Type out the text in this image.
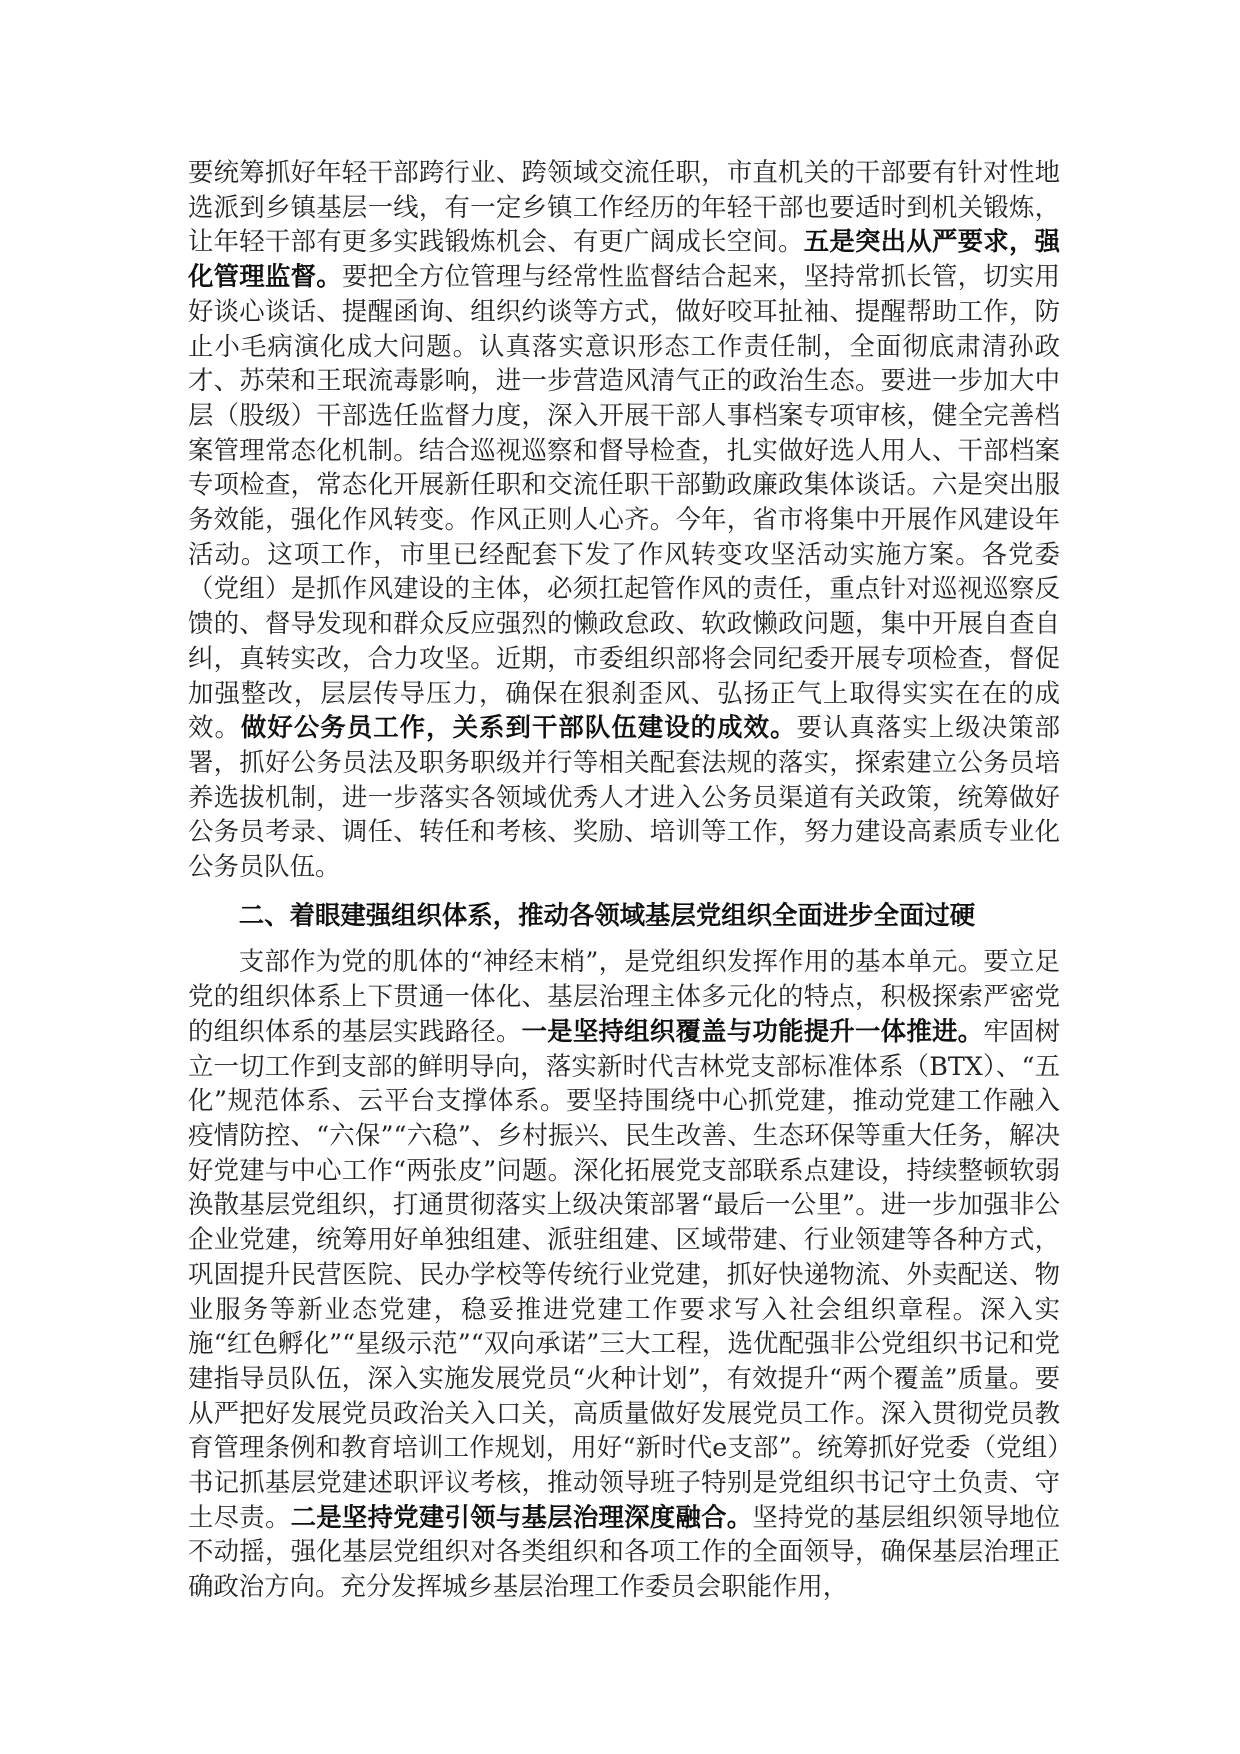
要统筹抓好年轻干部跨行业、跨领域交流任职，市直机关的干部要有针对性地选派到乡镇基层一线，有一定乡镇工作经历的年轻干部也要适时到机关锻炼，让年轻干部有更多实践锻炼机会、有更广阔成长空间。五是突出从严要求，强化管理监督。要把全方位管理与经常性监督结合起来，坚持常抓长管，切实用好谈心谈话、提醒函询、组织约谈等方式，做好咬耳扯袖、提醒帮助工作，防止小毛病演化成大问题。认真落实意识形态工作责任制，全面彻底肃清孙政才、苏荣和王珉流毒影响，进一步营造风清气正的政治生态。要进一步加大中层（股级）干部选任监督力度，深入开展干部人事档案专项审核，健全完善档案管理常态化机制。结合巡视巡察和督导检查，扎实做好选人用人、干部档案专项检查，常态化开展新任职和交流任职干部勤政廉政集体谈话。六是突出服务效能，强化作风转变。作风正则人心齐。今年，省市将集中开展作风建设年活动。这项工作，市里已经配套下发了作风转变攻坚活动实施方案。各党委（党组）是抓作风建设的主体，必须扛起管作风的责任，重点针对巡视巡察反馈的、督导发现和群众反应强烈的懒政怠政、软政懒政问题，集中开展自查自纠，真转实改，合力攻坚。近期，市委组织部将会同纪委开展专项检查，督促加强整改，层层传导压力，确保在狠刹歪风、弘扬正气上取得实实在在的成效。做好公务员工作，关系到干部队伍建设的成效。要认真落实上级决策部署，抓好公务员法及职务职级并行等相关配套法规的落实，探索建立公务员培养选拔机制，进一步落实各领域优秀人才进入公务员渠道有关政策，统筹做好公务员考录、调任、转任和考核、奖励、培训等工作，努力建设高素质专业化公务员队伍。

二、着眼建强组织体系，推动各领域基层党组织全面进步全面过硬

支部作为党的肌体的“神经末梢”，是党组织发挥作用的基本单元。要立足党的组织体系上下贯通一体化、基层治理主体多元化的特点，积极探索严密党的组织体系的基层实践路径。一是坚持组织覆盖与功能提升一体推进。牢固树立一切工作到支部的鲜明导向，落实新时代吉林党支部标准体系（BTX）、“五化”规范体系、云平台支撑体系。要坚持围绕中心抓党建，推动党建工作融入疫情防控、“六保”“六稳”、乡村振兴、民生改善、生态环保等重大任务，解决好党建与中心工作“两张皮”问题。深化拓展党支部联系点建设，持续整顿软弱涣散基层党组织，打通贯彻落实上级决策部署“最后一公里”。进一步加强非公企业党建，统筹用好单独组建、派驻组建、区域带建、行业领建等各种方式，巩固提升民营医院、民办学校等传统行业党建，抓好快递物流、外卖配送、物业服务等新业态党建，稳妥推进党建工作要求写入社会组织章程。深入实施“红色孵化”“星级示范”“双向承诺”三大工程，选优配强非公党组织书记和党建指导员队伍，深入实施发展党员“火种计划”，有效提升“两个覆盖”质量。要从严把好发展党员政治关入口关，高质量做好发展党员工作。深入贯彻党员教育管理条例和教育培训工作规划，用好“新时代e支部”。统筹抓好党委（党组）书记抓基层党建述职评议考核，推动领导班子特别是党组织书记守土负责、守土尽责。二是坚持党建引领与基层治理深度融合。坚持党的基层组织领导地位不动摇，强化基层党组织对各类组织和各项工作的全面领导，确保基层治理正确政治方向。充分发挥城乡基层治理工作委员会职能作用，
